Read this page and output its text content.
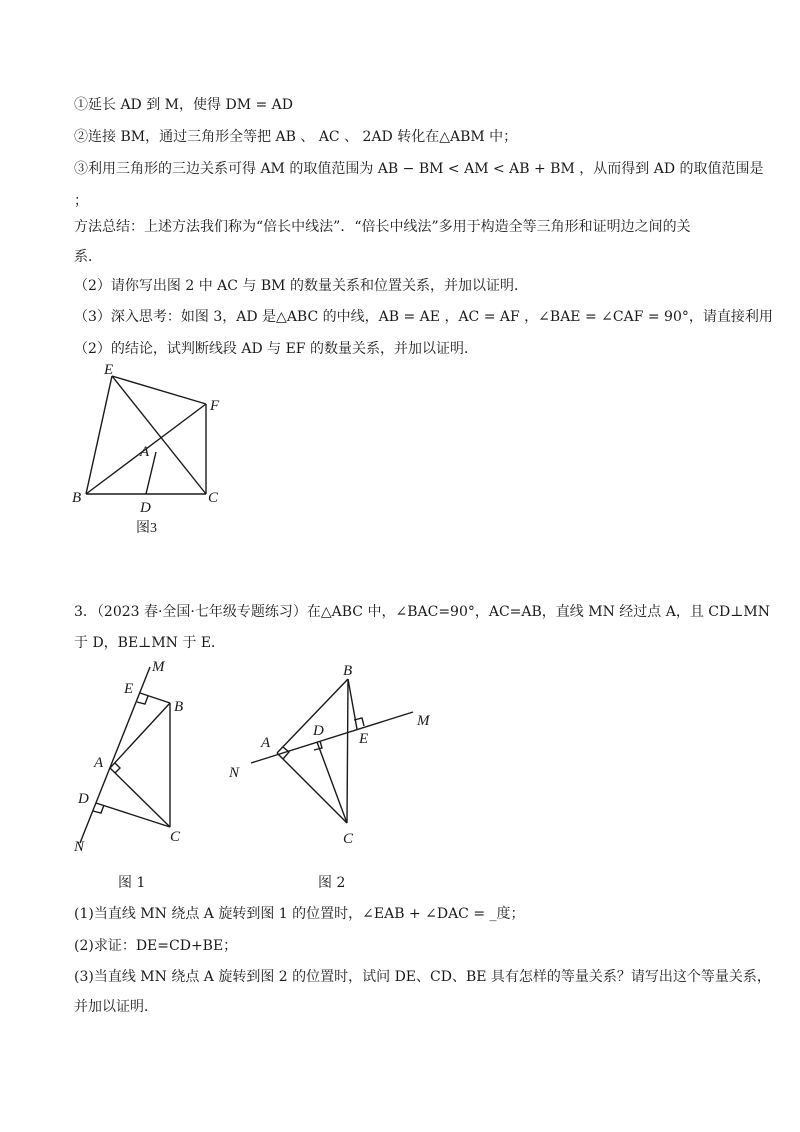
①延长 AD 到 M，使得 DM = AD
②连接 BM，通过三角形全等把 AB 、 AC 、 2AD 转化在△ABM 中；
③利用三角形的三边关系可得 AM 的取值范围为 AB − BM < AM < AB + BM ，从而得到 AD 的取值范围是
；
方法总结：上述方法我们称为“倍长中线法”．“倍长中线法”多用于构造全等三角形和证明边之间的关
系．
（2）请你写出图 2 中 AC 与 BM 的数量关系和位置关系，并加以证明．
（3）深入思考：如图 3，AD 是△ABC 的中线，AB = AE ，AC = AF ，∠BAE = ∠CAF = 90°，请直接利用
（2）的结论，试判断线段 AD 与 EF 的数量关系，并加以证明．
E
F
A
B
D
C
图3
3．（2023 春·全国·七年级专题练习）在△ABC 中，∠BAC=90°，AC=AB，直线 MN 经过点 A，且 CD⊥MN
于 D，BE⊥MN 于 E．
M
E
B
A
D
C
N
图 1
B
M
A
D E
N
C
图 2
(1)当直线 MN 绕点 A 旋转到图 1 的位置时，∠EAB + ∠DAC = _度；
(2)求证：DE=CD+BE；
(3)当直线 MN 绕点 A 旋转到图 2 的位置时，试问 DE、CD、BE 具有怎样的等量关系？请写出这个等量关系，
并加以证明．
